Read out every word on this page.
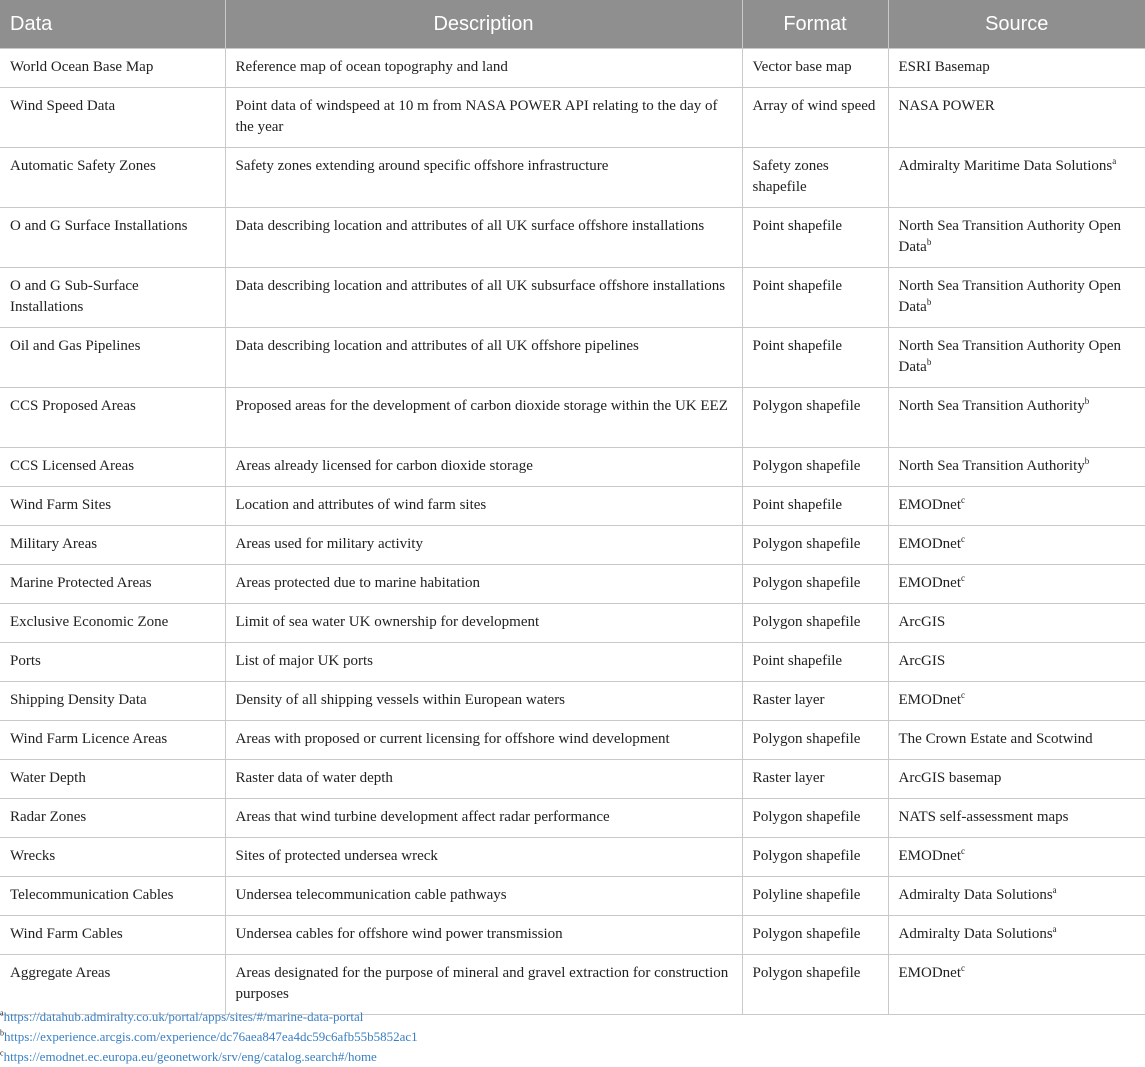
Data	Description	Format	Source
World Ocean Base Map	Reference map of ocean topography and land	Vector base map	ESRI Basemap
Wind Speed Data	Point data of windspeed at 10 m from NASA POWER API relating to the day of the year	Array of wind speed	NASA POWER
Automatic Safety Zones	Safety zones extending around specific offshore infrastructure	Safety zones shapefile	Admiralty Maritime Data Solutions$^a$
O and G Surface Installations	Data describing location and attributes of all UK surface offshore installations	Point shapefile	North Sea Transition Authority Open Data$^b$
O and G Sub-Surface Installations	Data describing location and attributes of all UK subsurface offshore installations	Point shapefile	North Sea Transition Authority Open Data$^b$
Oil and Gas Pipelines	Data describing location and attributes of all UK offshore pipelines	Point shapefile	North Sea Transition Authority Open Data$^b$
CCS Proposed Areas	Proposed areas for the development of carbon dioxide storage within the UK EEZ	Polygon shapefile	North Sea Transition Authority$^b$
CCS Licensed Areas	Areas already licensed for carbon dioxide storage	Polygon shapefile	North Sea Transition Authority$^b$
Wind Farm Sites	Location and attributes of wind farm sites	Point shapefile	EMODnet$^c$
Military Areas	Areas used for military activity	Polygon shapefile	EMODnet$^c$
Marine Protected Areas	Areas protected due to marine habitation	Polygon shapefile	EMODnet$^c$
Exclusive Economic Zone	Limit of sea water UK ownership for development	Polygon shapefile	ArcGIS
Ports	List of major UK ports	Point shapefile	ArcGIS
Shipping Density Data	Density of all shipping vessels within European waters	Raster layer	EMODnet$^c$
Wind Farm Licence Areas	Areas with proposed or current licensing for offshore wind development	Polygon shapefile	The Crown Estate and Scotwind
Water Depth	Raster data of water depth	Raster layer	ArcGIS basemap
Radar Zones	Areas that wind turbine development affect radar performance	Polygon shapefile	NATS self-assessment maps
Wrecks	Sites of protected undersea wreck	Polygon shapefile	EMODnet$^c$
Telecommunication Cables	Undersea telecommunication cable pathways	Polyline shapefile	Admiralty Data Solutions$^a$
Wind Farm Cables	Undersea cables for offshore wind power transmission	Polygon shapefile	Admiralty Data Solutions$^a$
Aggregate Areas	Areas designated for the purpose of mineral and gravel extraction for construction purposes	Polygon shapefile	EMODnet$^c$
$^a$https://datahub.admiralty.co.uk/portal/apps/sites/#/marine-data-portal
$^b$https://experience.arcgis.com/experience/dc76aea847ea4dc59c6afb55b5852ac1
$^c$https://emodnet.ec.europa.eu/geonetwork/srv/eng/catalog.search#/home
